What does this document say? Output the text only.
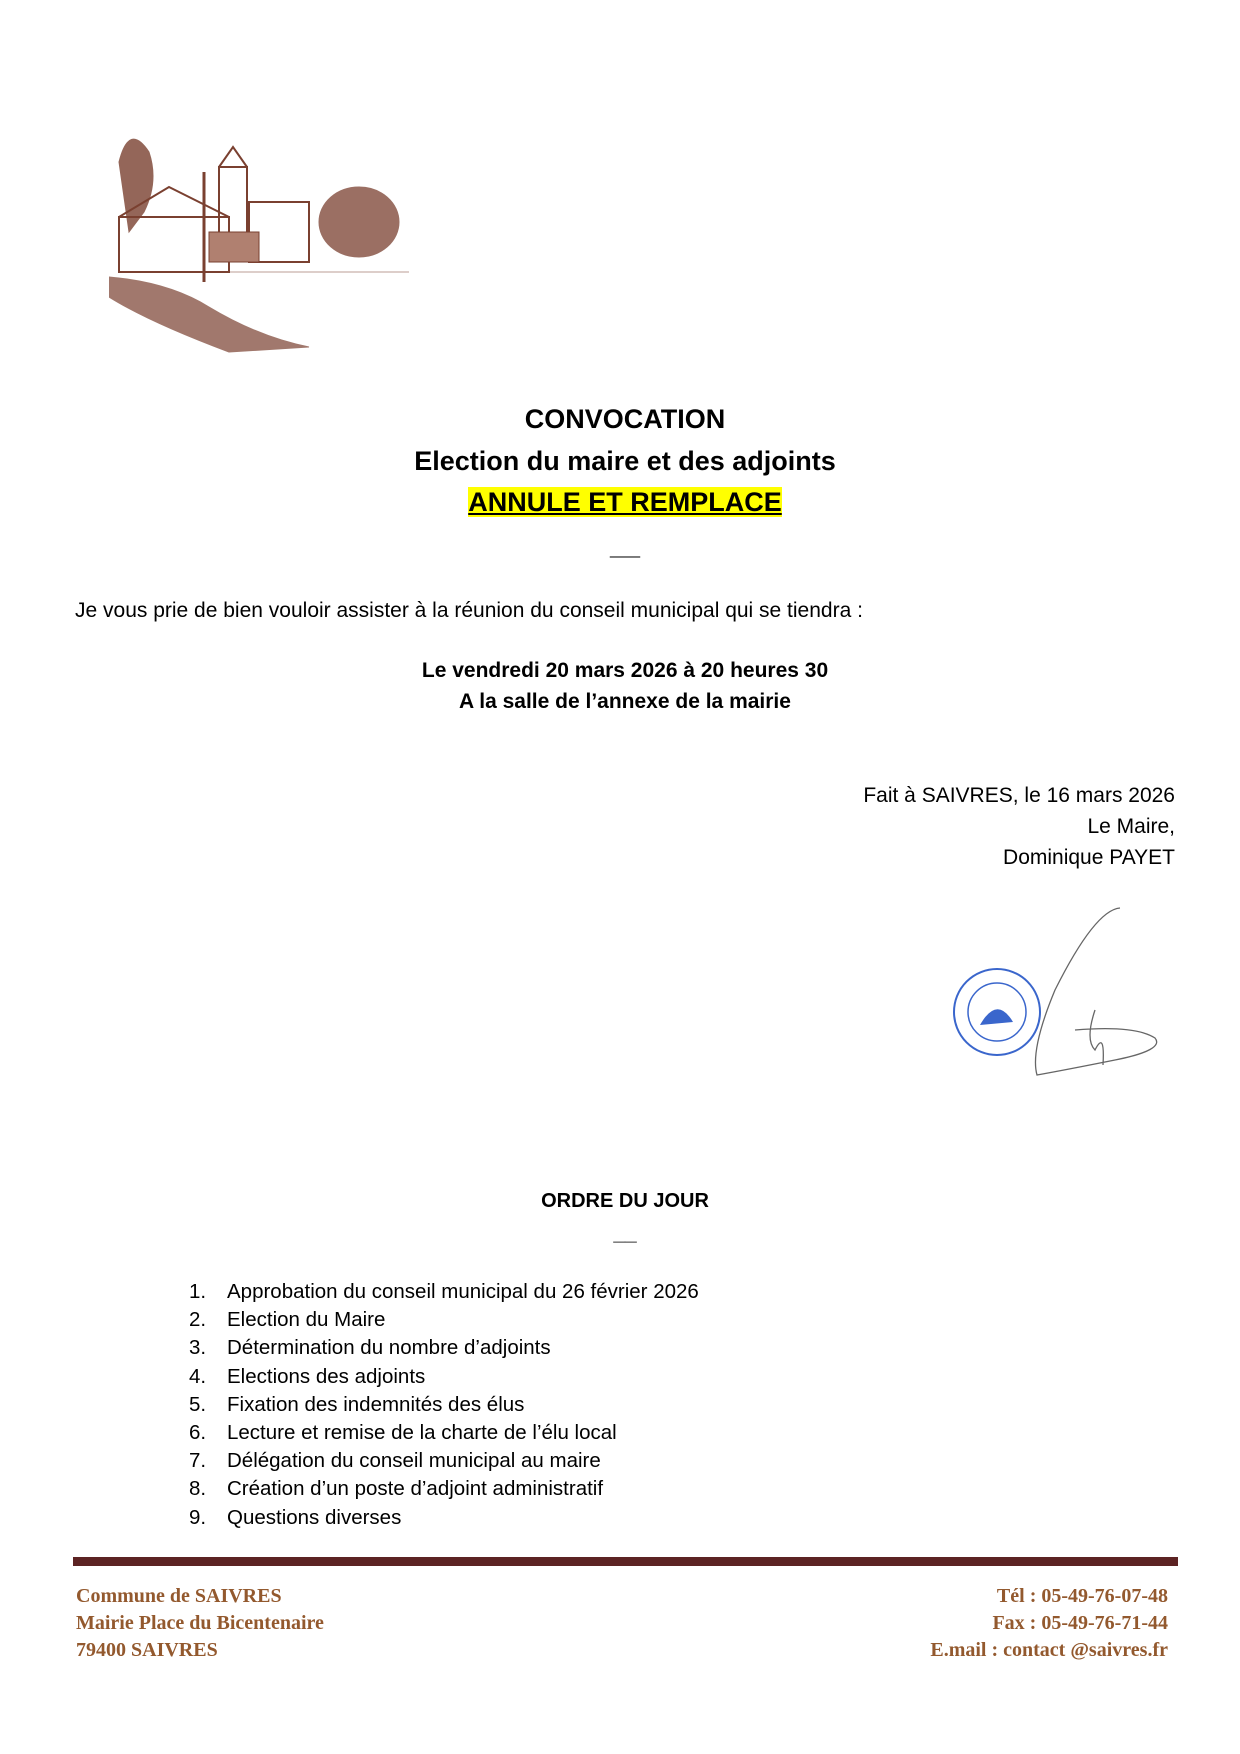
CONVOCATION
Election du maire et des adjoints
ANNULE ET REMPLACE
__
Je vous prie de bien vouloir assister à la réunion du conseil municipal qui se tiendra :
Le vendredi 20 mars 2026 à 20 heures 30
A la salle de l’annexe de la mairie
Fait à SAIVRES, le 16 mars 2026
Le Maire,
Dominique PAYET
ORDRE DU JOUR
__
1.	Approbation du conseil municipal du 26 février 2026
2.	Election du Maire
3.	Détermination du nombre d’adjoints
4.	Elections des adjoints
5.	Fixation des indemnités des élus
6.	Lecture et remise de la charte de l’élu local
7.	Délégation du conseil municipal au maire
8.	Création d’un poste d’adjoint administratif
9.	Questions diverses
Commune de SAIVRES
Mairie Place du Bicentenaire
79400 SAIVRES
Tél : 05-49-76-07-48
Fax : 05-49-76-71-44
E.mail : contact @saivres.fr
